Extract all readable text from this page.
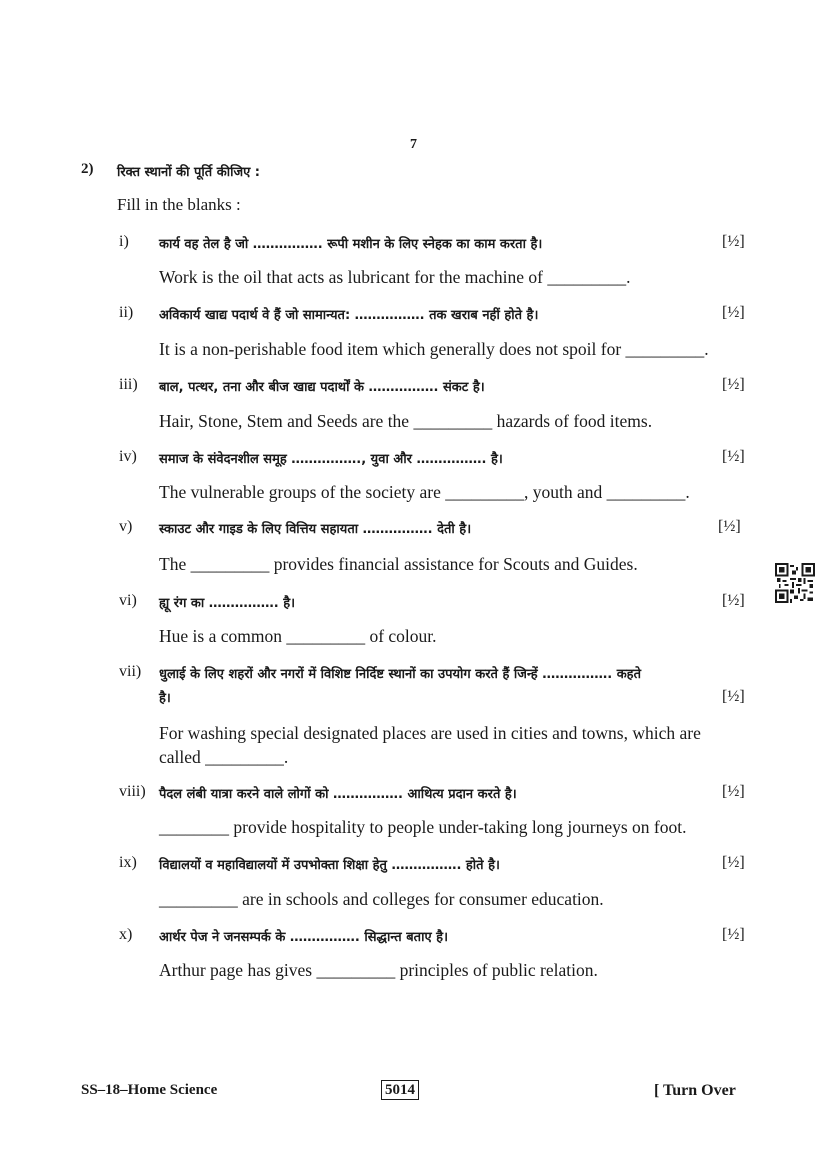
7
2) रिक्त स्थानों की पूर्ति कीजिए :
Fill in the blanks :
i) कार्य वह तेल है जो ……………. रूपी मशीन के लिए स्नेहक का काम करता है।	[½]
Work is the oil that acts as lubricant for the machine of _________.
ii) अविकार्य खाद्य पदार्थ वे हैं जो सामान्यत: ……………. तक खराब नहीं होते है।	[½]
It is a non-perishable food item which generally does not spoil for _________.
iii) बाल, पत्थर, तना और बीज खाद्य पदार्थों के ……………. संकट है।	[½]
Hair, Stone, Stem and Seeds are the _________ hazards of food items.
iv) समाज के संवेदनशील समूह ……………., युवा और ……………. है।	[½]
The vulnerable groups of the society are _________, youth and _________.
v) स्काउट और गाइड के लिए वित्तिय सहायता ……………. देती है।	[½]
The _________ provides financial assistance for Scouts and Guides.
vi) ह्यू रंग का ……………. है।	[½]
Hue is a common _________ of colour.
vii) धुलाई के लिए शहरों और नगरों में विशिष्ट निर्दिष्ट स्थानों का उपयोग करते हैं जिन्हें ……………. कहते
है।	[½]
For washing special designated places are used in cities and towns, which are
called _________.
viii) पैदल लंबी यात्रा करने वाले लोगों को ……………. आथित्य प्रदान करते है।	[½]
________ provide hospitality to people under-taking long journeys on foot.
ix) विद्यालयों व महाविद्यालयों में उपभोक्ता शिक्षा हेतु ……………. होते है।	[½]
_________ are in schools and colleges for consumer education.
x) आर्थर पेज ने जनसम्पर्क के ……………. सिद्धान्त बताए है।	[½]
Arthur page has gives _________ principles of public relation.
SS–18–Home Science	5014	[ Turn Over
